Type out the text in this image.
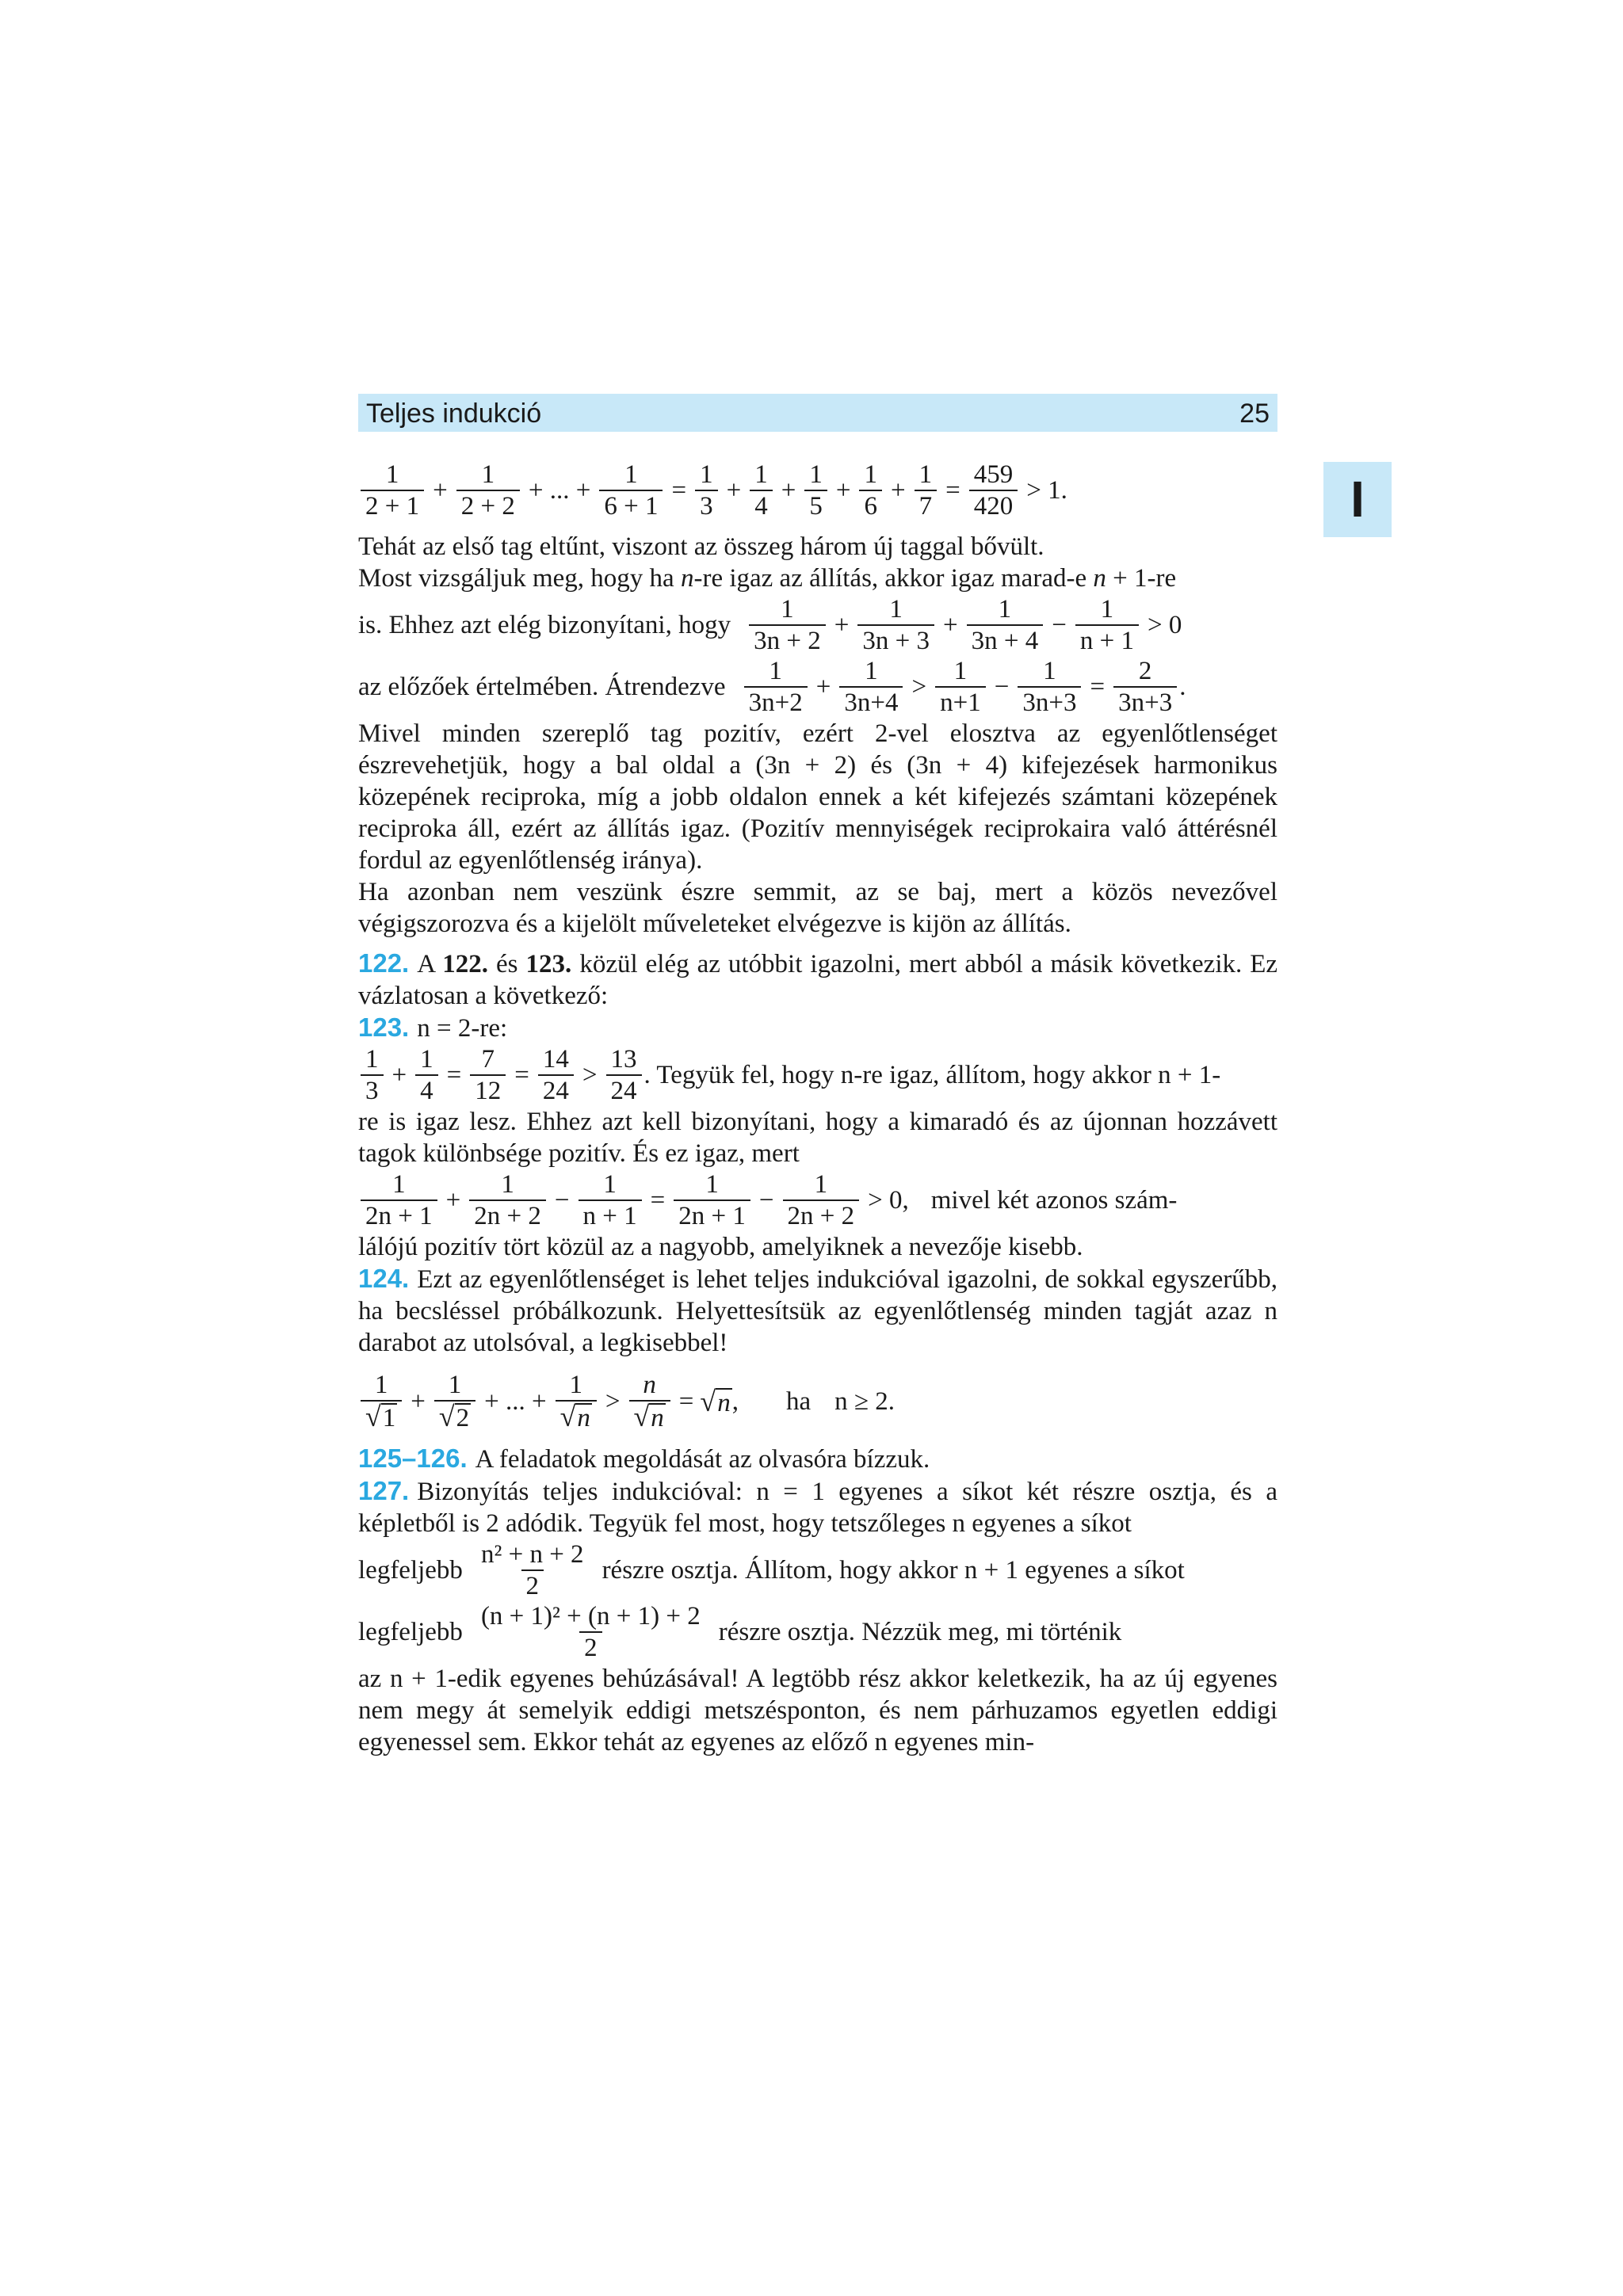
Teljes indukció	25
I
$\frac{1}{2 + 1} + \frac{1}{2 + 2}$ + ... + $\frac{1}{6 + 1} = \frac{1}{3} + \frac{1}{4} + \frac{1}{5} + \frac{1}{6} + \frac{1}{7} = \frac{459}{420} > 1$.

Tehát az első tag eltűnt, viszont az összeg három új taggal bővült.

Most vizsgáljuk meg, hogy ha n-re igaz az állítás, akkor igaz marad-e n + 1-re

is. Ehhez azt elég bizonyítani, hogy $\frac{1}{3n + 2} + \frac{1}{3n + 3} + \frac{1}{3n + 4} - \frac{1}{n + 1} > 0$
az előzőek értelmében. Átrendezve $\frac{1}{3n+2} + \frac{1}{3n+4} > \frac{1}{n+1} - \frac{1}{3n+3} = \frac{2}{3n+3}$ .

Mivel minden szereplő tag pozitív, ezért 2-vel elosztva az egyenlőtlenséget észrevehetjük, hogy a bal oldal a (3n + 2) és (3n + 4) kifejezések harmonikus közepének reciproka, míg a jobb oldalon ennek a két kifejezés számtani közepének reciproka áll, ezért az állítás igaz. (Pozitív mennyiségek reciprokaira való áttérésnél fordul az egyenlőtlenség iránya).

Ha azonban nem veszünk észre semmit, az se baj, mert a közös nevezővel végigszorozva és a kijelölt műveleteket elvégezve is kijön az állítás.

122. A 122. és 123. közül elég az utóbbit igazolni, mert abból a másik következik. Ez vázlatosan a következő:

123. n = 2-re:

$\frac{1}{3} + \frac{1}{4} = \frac{7}{12} = \frac{14}{24} > \frac{13}{24}$ . Tegyük fel, hogy n-re igaz, állítom, hogy akkor n + 1-

re is igaz lesz. Ehhez azt kell bizonyítani, hogy a kimaradó és az újonnan hozzávett tagok különbsége pozitív. És ez igaz, mert

$\frac{1}{2n + 1} + \frac{1}{2n + 2} - \frac{1}{n + 1} = \frac{1}{2n + 1} - \frac{1}{2n + 2} > 0$, mivel két azonos szám-

lálójú pozitív tört közül az a nagyobb, amelyiknek a nevezője kisebb.

124. Ezt az egyenlőtlenséget is lehet teljes indukcióval igazolni, de sokkal egyszerűbb, ha becsléssel próbálkozunk. Helyettesítsük az egyenlőtlenség minden tagját azaz n darabot az utolsóval, a legkisebbel!

$\frac{1}{√ 1} + \frac{1}{√ 2}$ + ... + $\frac{1}{√ n} > \frac{n}{√ n}$ = √ n , ha n ≥ 2.

125–126. A feladatok megoldását az olvasóra bízzuk.

127. Bizonyítás teljes indukcióval: n = 1 egyenes a síkot két részre osztja, és a képletből is 2 adódik. Tegyük fel most, hogy tetszőleges n egyenes a síkot

legfeljebb $\frac{\text{n² + n + 2}}{2}$ részre osztja. Állítom, hogy akkor n + 1 egyenes a síkot
legfeljebb $\frac{\text{(n + 1)² + (n + 1) + 2}}{2}$ részre osztja. Nézzük meg, mi történik

az n + 1-edik egyenes behúzásával! A legtöbb rész akkor keletkezik, ha az új egyenes nem megy át semelyik eddigi metszésponton, és nem párhuzamos egyetlen eddigi egyenessel sem. Ekkor tehát az egyenes az előző n egyenes min-
